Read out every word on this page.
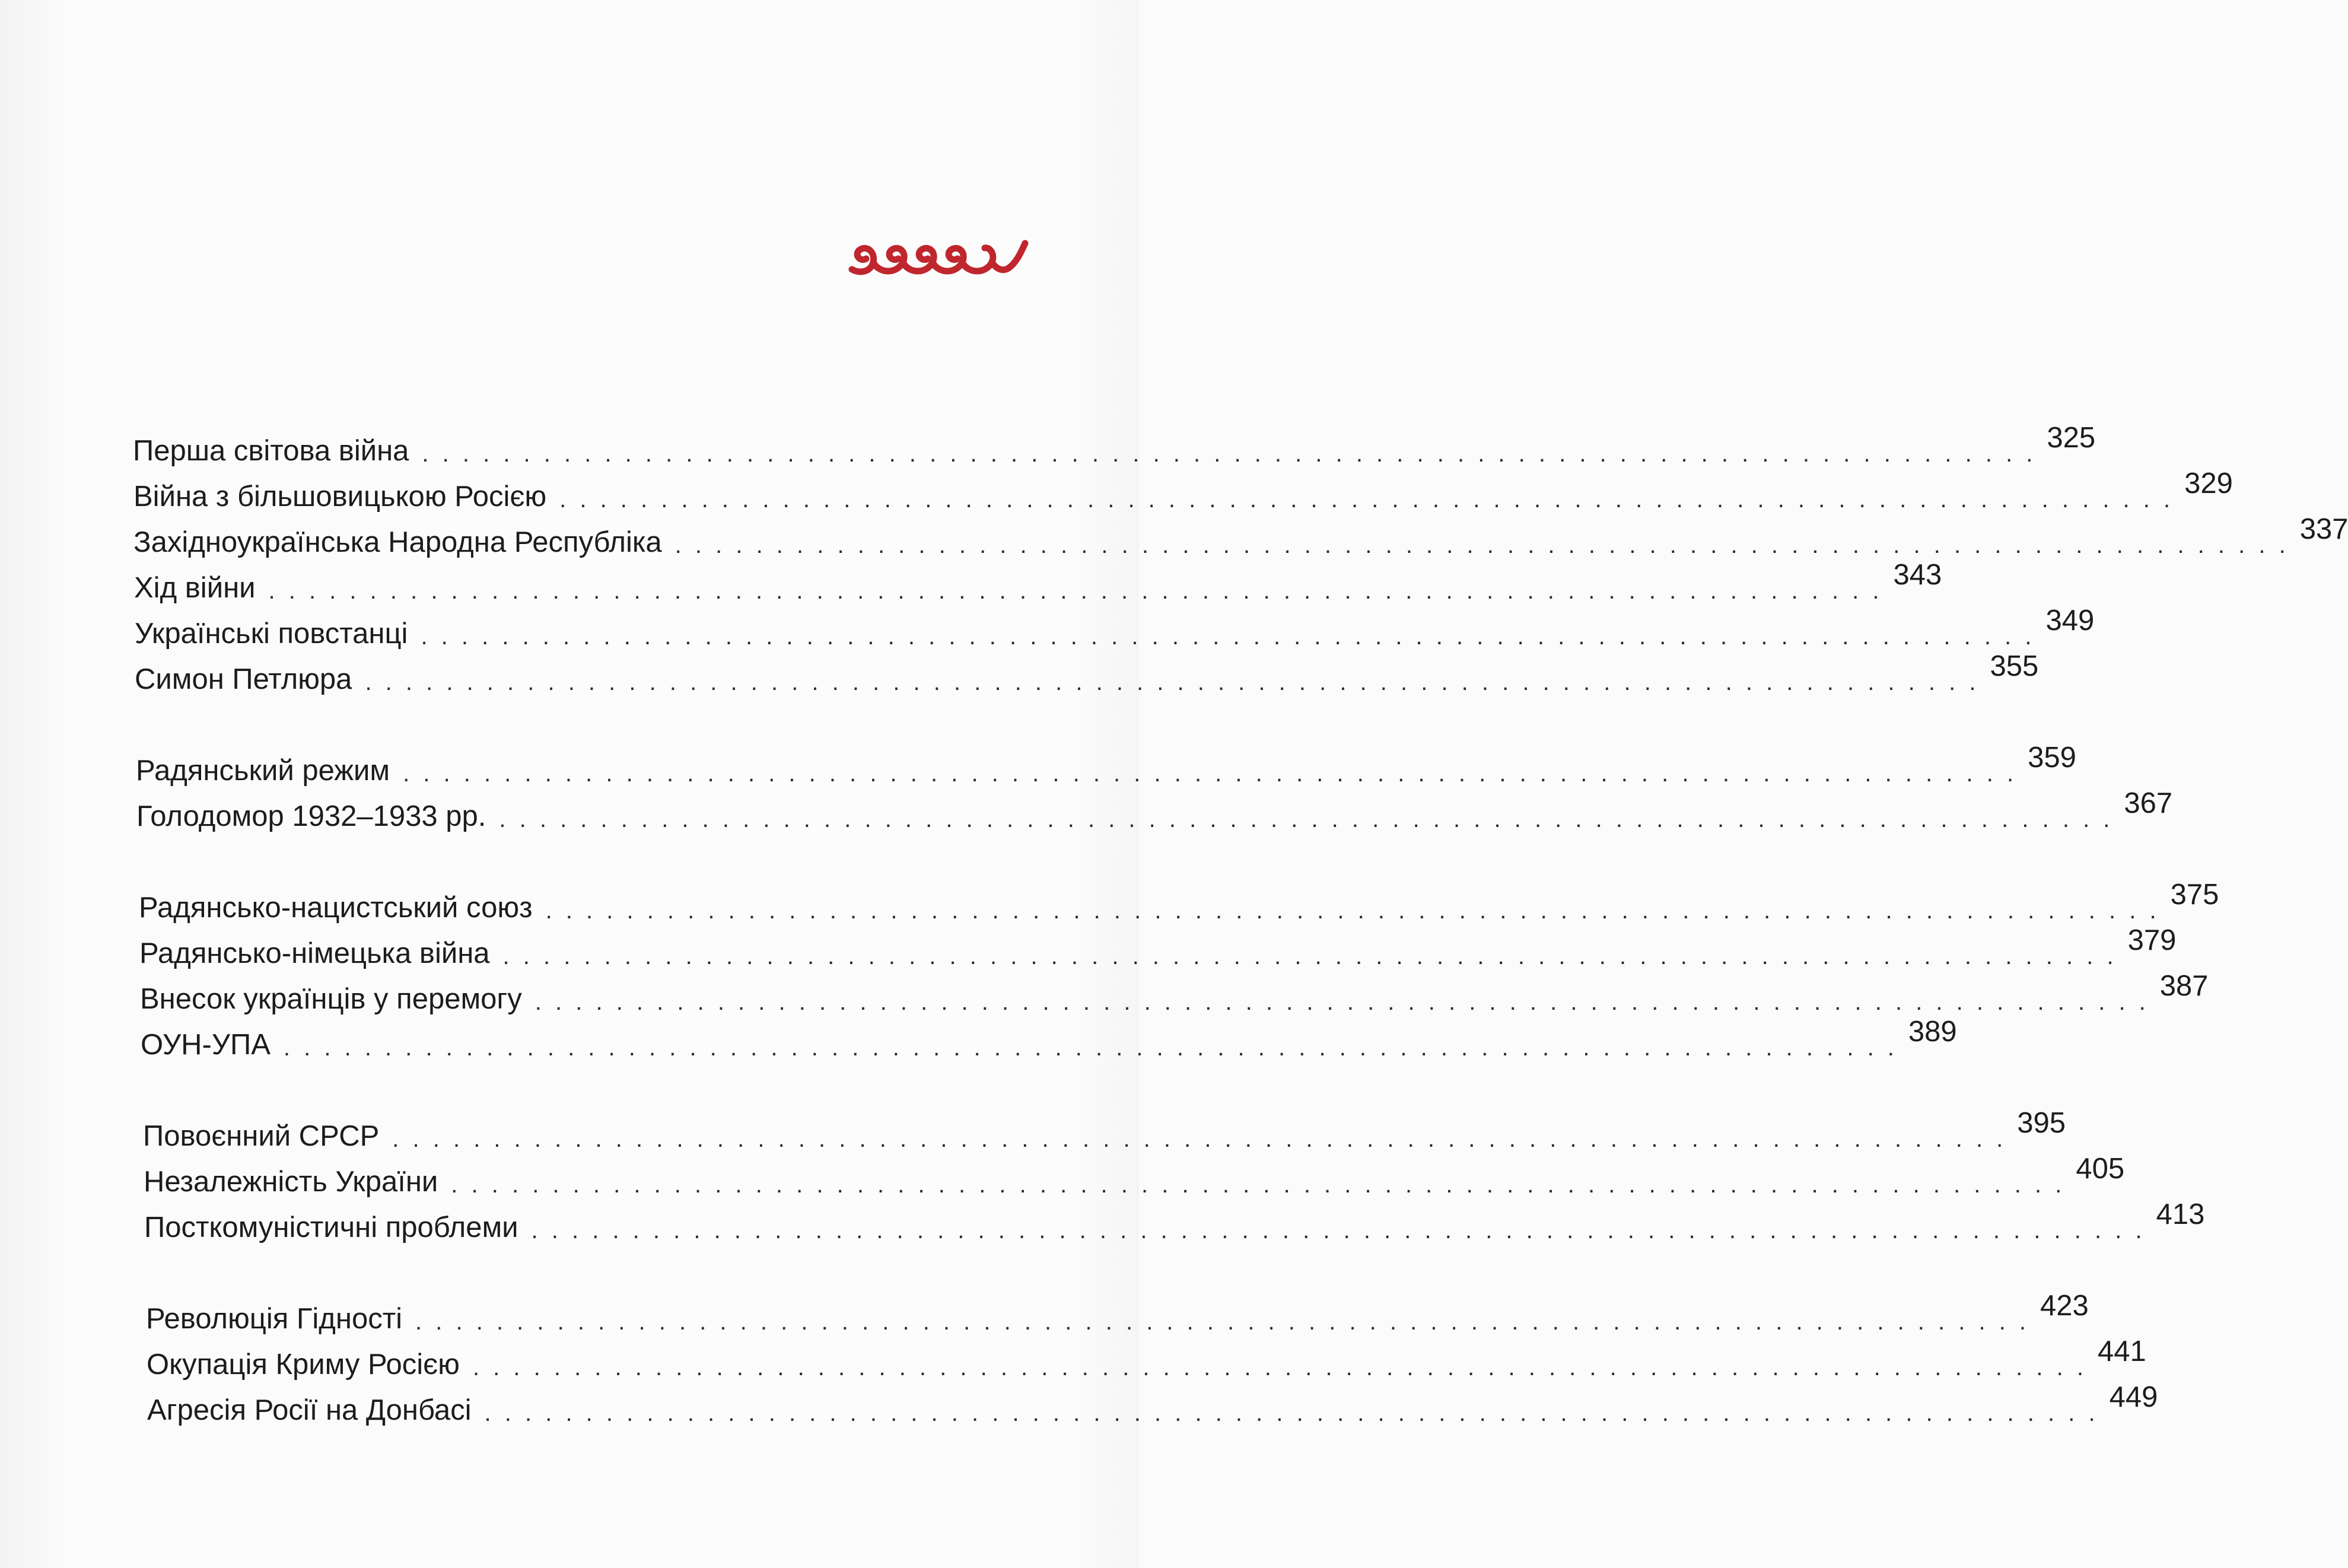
Перша світова війна . . . . . . . . . . . . . . . . . . . . . . . . . . . . . . . . . . . . . . . . . . . . . . . . . . . . . . . . . . . . . . . . . . . . . . . . . . . . . . . . 325
Війна з більшовицькою Росією . . . . . . . . . . . . . . . . . . . . . . . . . . . . . . . . . . . . . . . . . . . . . . . . . . . . . . . . . . . . . . . . . . . . . . . . . . . . . . . . 329
Західноукраїнська Народна Республіка . . . . . . . . . . . . . . . . . . . . . . . . . . . . . . . . . . . . . . . . . . . . . . . . . . . . . . . . . . . . . . . . . . . . . . . . . . . . . . . . 337
Хід війни . . . . . . . . . . . . . . . . . . . . . . . . . . . . . . . . . . . . . . . . . . . . . . . . . . . . . . . . . . . . . . . . . . . . . . . . . . . . . . . . 343
Українські повстанці . . . . . . . . . . . . . . . . . . . . . . . . . . . . . . . . . . . . . . . . . . . . . . . . . . . . . . . . . . . . . . . . . . . . . . . . . . . . . . . . 349
Симон Петлюра . . . . . . . . . . . . . . . . . . . . . . . . . . . . . . . . . . . . . . . . . . . . . . . . . . . . . . . . . . . . . . . . . . . . . . . . . . . . . . . . 355
Радянський режим . . . . . . . . . . . . . . . . . . . . . . . . . . . . . . . . . . . . . . . . . . . . . . . . . . . . . . . . . . . . . . . . . . . . . . . . . . . . . . . . 359
Голодомор 1932–1933 рр. . . . . . . . . . . . . . . . . . . . . . . . . . . . . . . . . . . . . . . . . . . . . . . . . . . . . . . . . . . . . . . . . . . . . . . . . . . . . . . . . 367
Радянсько-нацистський союз . . . . . . . . . . . . . . . . . . . . . . . . . . . . . . . . . . . . . . . . . . . . . . . . . . . . . . . . . . . . . . . . . . . . . . . . . . . . . . . . 375
Радянсько-німецька війна . . . . . . . . . . . . . . . . . . . . . . . . . . . . . . . . . . . . . . . . . . . . . . . . . . . . . . . . . . . . . . . . . . . . . . . . . . . . . . . . 379
Внесок українців у перемогу . . . . . . . . . . . . . . . . . . . . . . . . . . . . . . . . . . . . . . . . . . . . . . . . . . . . . . . . . . . . . . . . . . . . . . . . . . . . . . . . 387
ОУН-УПА . . . . . . . . . . . . . . . . . . . . . . . . . . . . . . . . . . . . . . . . . . . . . . . . . . . . . . . . . . . . . . . . . . . . . . . . . . . . . . . . 389
Повоєнний СРСР . . . . . . . . . . . . . . . . . . . . . . . . . . . . . . . . . . . . . . . . . . . . . . . . . . . . . . . . . . . . . . . . . . . . . . . . . . . . . . . . 395
Незалежність України . . . . . . . . . . . . . . . . . . . . . . . . . . . . . . . . . . . . . . . . . . . . . . . . . . . . . . . . . . . . . . . . . . . . . . . . . . . . . . . . 405
Посткомуністичні проблеми . . . . . . . . . . . . . . . . . . . . . . . . . . . . . . . . . . . . . . . . . . . . . . . . . . . . . . . . . . . . . . . . . . . . . . . . . . . . . . . . 413
Революція Гідності . . . . . . . . . . . . . . . . . . . . . . . . . . . . . . . . . . . . . . . . . . . . . . . . . . . . . . . . . . . . . . . . . . . . . . . . . . . . . . . . 423
Окупація Криму Росією . . . . . . . . . . . . . . . . . . . . . . . . . . . . . . . . . . . . . . . . . . . . . . . . . . . . . . . . . . . . . . . . . . . . . . . . . . . . . . . . 441
Агресія Росії на Донбасі . . . . . . . . . . . . . . . . . . . . . . . . . . . . . . . . . . . . . . . . . . . . . . . . . . . . . . . . . . . . . . . . . . . . . . . . . . . . . . . . 449
